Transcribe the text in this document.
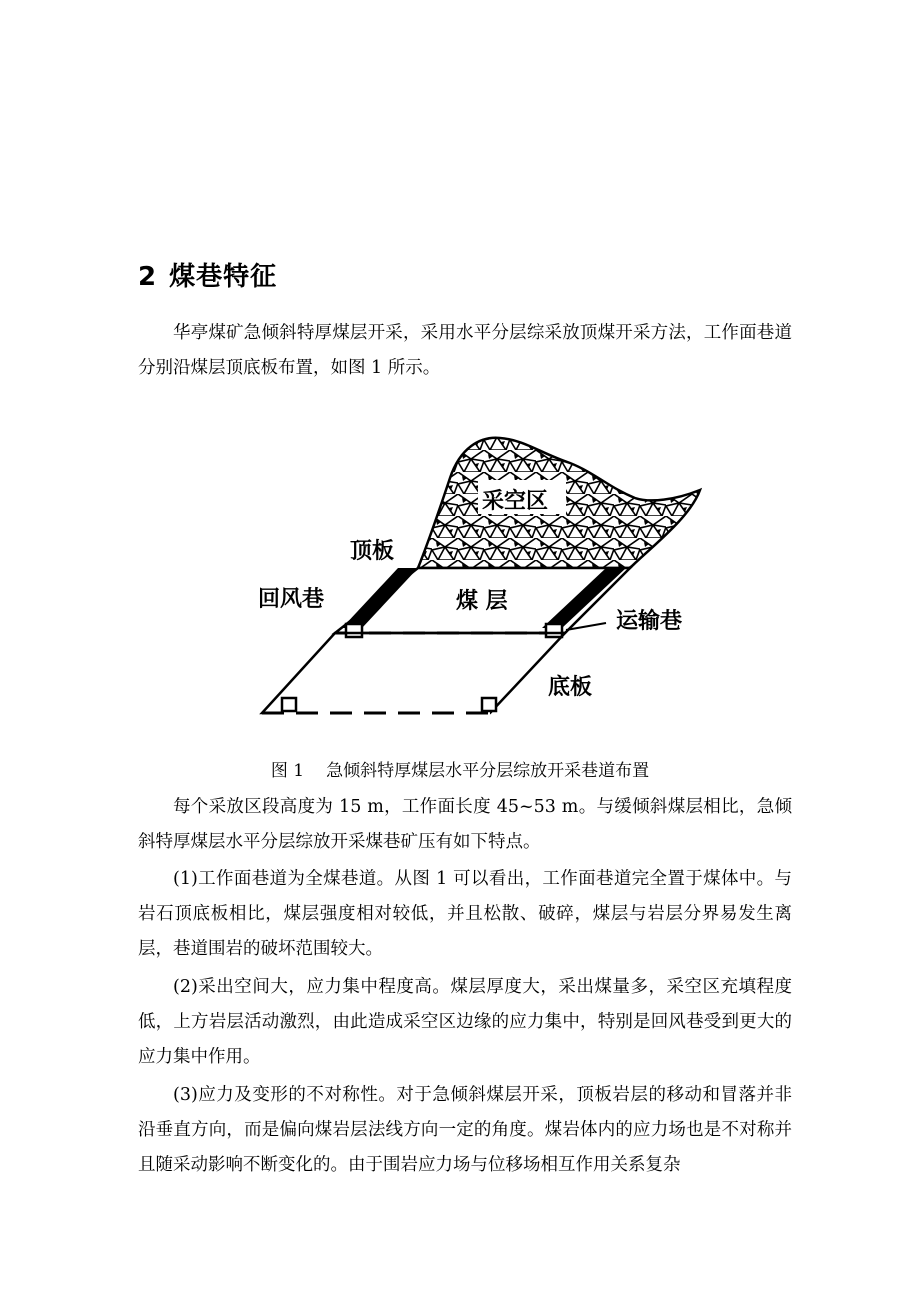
2 煤巷特征

华亭煤矿急倾斜特厚煤层开采，采用水平分层综采放顶煤开采方法，工作面巷道分别沿煤层顶底板布置，如图 1 所示。

采空区
顶板
回风巷	煤 层
运输巷
底板

图 1 急倾斜特厚煤层水平分层综放开采巷道布置

每个采放区段高度为 15 m，工作面长度 45~53 m。与缓倾斜煤层相比，急倾斜特厚煤层水平分层综放开采煤巷矿压有如下特点。

(1)工作面巷道为全煤巷道。从图 1 可以看出，工作面巷道完全置于煤体中。与岩石顶底板相比，煤层强度相对较低，并且松散、破碎，煤层与岩层分界易发生离层，巷道围岩的破坏范围较大。

(2)采出空间大，应力集中程度高。煤层厚度大，采出煤量多，采空区充填程度低，上方岩层活动激烈，由此造成采空区边缘的应力集中，特别是回风巷受到更大的应力集中作用。

(3)应力及变形的不对称性。对于急倾斜煤层开采，顶板岩层的移动和冒落并非沿垂直方向，而是偏向煤岩层法线方向一定的角度。煤岩体内的应力场也是不对称并且随采动影响不断变化的。由于围岩应力场与位移场相互作用关系复杂
